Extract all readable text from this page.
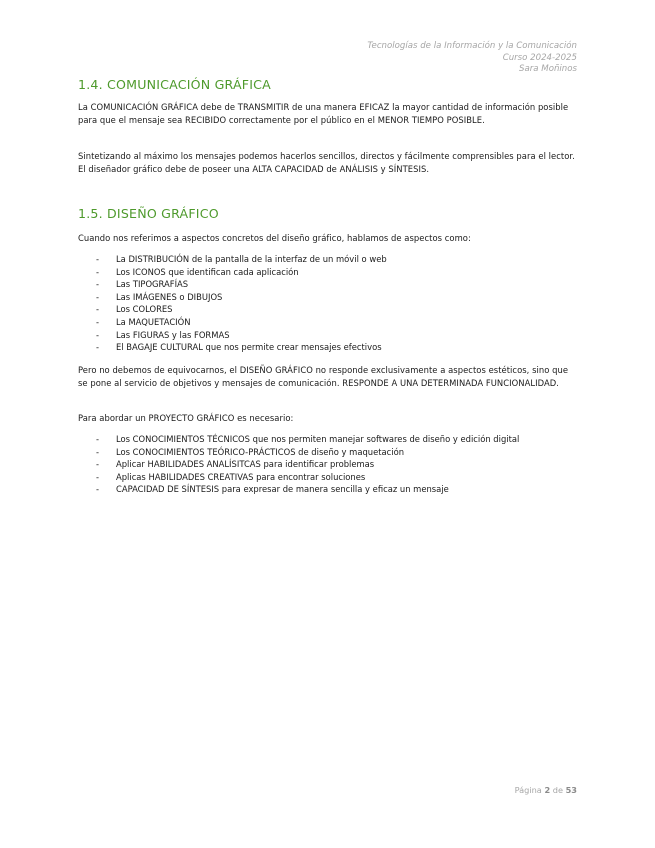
Tecnologías de la Información y la Comunicación
Curso 2024-2025
Sara Moñinos
1.4. COMUNICACIÓN GRÁFICA

La COMUNICACIÓN GRÁFICA debe de TRANSMITIR de una manera EFICAZ la mayor cantidad de información posible para que el mensaje sea RECIBIDO correctamente por el público en el MENOR TIEMPO POSIBLE.

Sintetizando al máximo los mensajes podemos hacerlos sencillos, directos y fácilmente comprensibles para el lector. El diseñador gráfico debe de poseer una ALTA CAPACIDAD de ANÁLISIS y SÍNTESIS.

1.5. DISEÑO GRÁFICO

Cuando nos referimos a aspectos concretos del diseño gráfico, hablamos de aspectos como:

- La DISTRIBUCIÓN de la pantalla de la interfaz de un móvil o web
- Los ICONOS que identifican cada aplicación
- Las TIPOGRAFÍAS
- Las IMÁGENES o DIBUJOS
- Los COLORES
- La MAQUETACIÓN
- Las FIGURAS y las FORMAS
- El BAGAJE CULTURAL que nos permite crear mensajes efectivos

Pero no debemos de equivocarnos, el DISEÑO GRÁFICO no responde exclusivamente a aspectos estéticos, sino que se pone al servicio de objetivos y mensajes de comunicación. RESPONDE A UNA DETERMINADA FUNCIONALIDAD.

Para abordar un PROYECTO GRÁFICO es necesario:

- Los CONOCIMIENTOS TÉCNICOS que nos permiten manejar softwares de diseño y edición digital
- Los CONOCIMIENTOS TEÓRICO-PRÁCTICOS de diseño y maquetación
- Aplicar HABILIDADES ANALÍSITCAS para identificar problemas
- Aplicas HABILIDADES CREATIVAS para encontrar soluciones
- CAPACIDAD DE SÍNTESIS para expresar de manera sencilla y eficaz un mensaje
Página 2 de 53
